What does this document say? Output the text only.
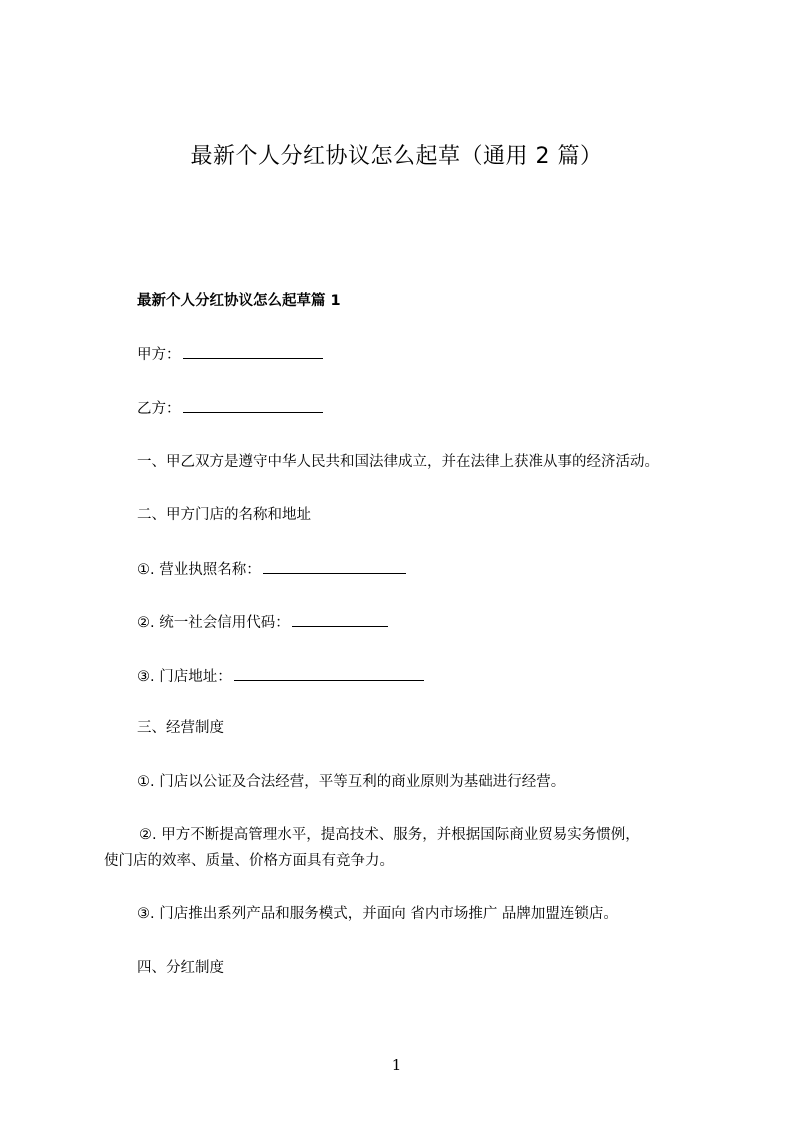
最新个人分红协议怎么起草（通用 2 篇）
最新个人分红协议怎么起草篇 1
甲方：
乙方：
一、甲乙双方是遵守中华人民共和国法律成立，并在法律上获准从事的经济活动。
二、甲方门店的名称和地址
①. 营业执照名称：
②. 统一社会信用代码：
③. 门店地址：
三、经营制度
①. 门店以公证及合法经营，平等互利的商业原则为基础进行经营。
②. 甲方不断提高管理水平，提高技术、服务，并根据国际商业贸易实务惯例，
使门店的效率、质量、价格方面具有竞争力。
③. 门店推出系列产品和服务模式，并面向 省内市场推广 品牌加盟连锁店。
四、分红制度
1
